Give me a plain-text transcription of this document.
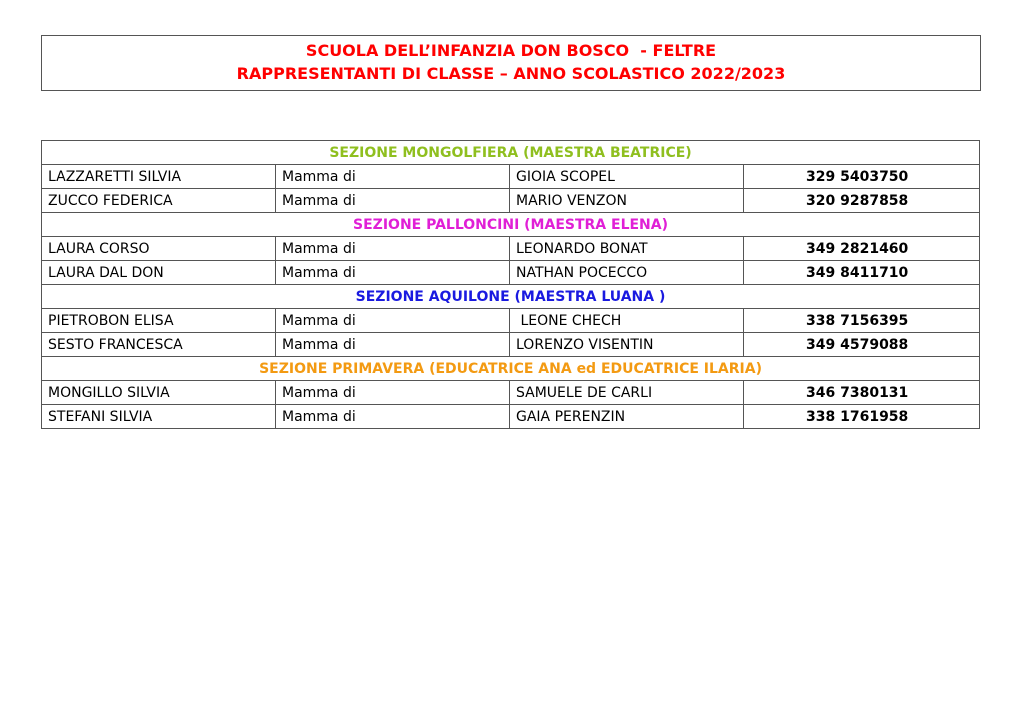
SCUOLA DELL’INFANZIA DON BOSCO  - FELTRE
RAPPRESENTANTI DI CLASSE – ANNO SCOLASTICO 2022/2023
SEZIONE MONGOLFIERA (MAESTRA BEATRICE)			
LAZZARETTI SILVIA	Mamma di	GIOIA SCOPEL	329 5403750
ZUCCO FEDERICA	Mamma di	MARIO VENZON	320 9287858
SEZIONE PALLONCINI (MAESTRA ELENA)			
LAURA CORSO	Mamma di	LEONARDO BONAT	349 2821460
LAURA DAL DON	Mamma di	NATHAN POCECCO	349 8411710
SEZIONE AQUILONE (MAESTRA LUANA )			
PIETROBON ELISA	Mamma di	LEONE CHECH	338 7156395
SESTO FRANCESCA	Mamma di	LORENZO VISENTIN	349 4579088
SEZIONE PRIMAVERA (EDUCATRICE ANA ed EDUCATRICE ILARIA)			
MONGILLO SILVIA	Mamma di	SAMUELE DE CARLI	346 7380131
STEFANI SILVIA	Mamma di	GAIA PERENZIN	338 1761958
